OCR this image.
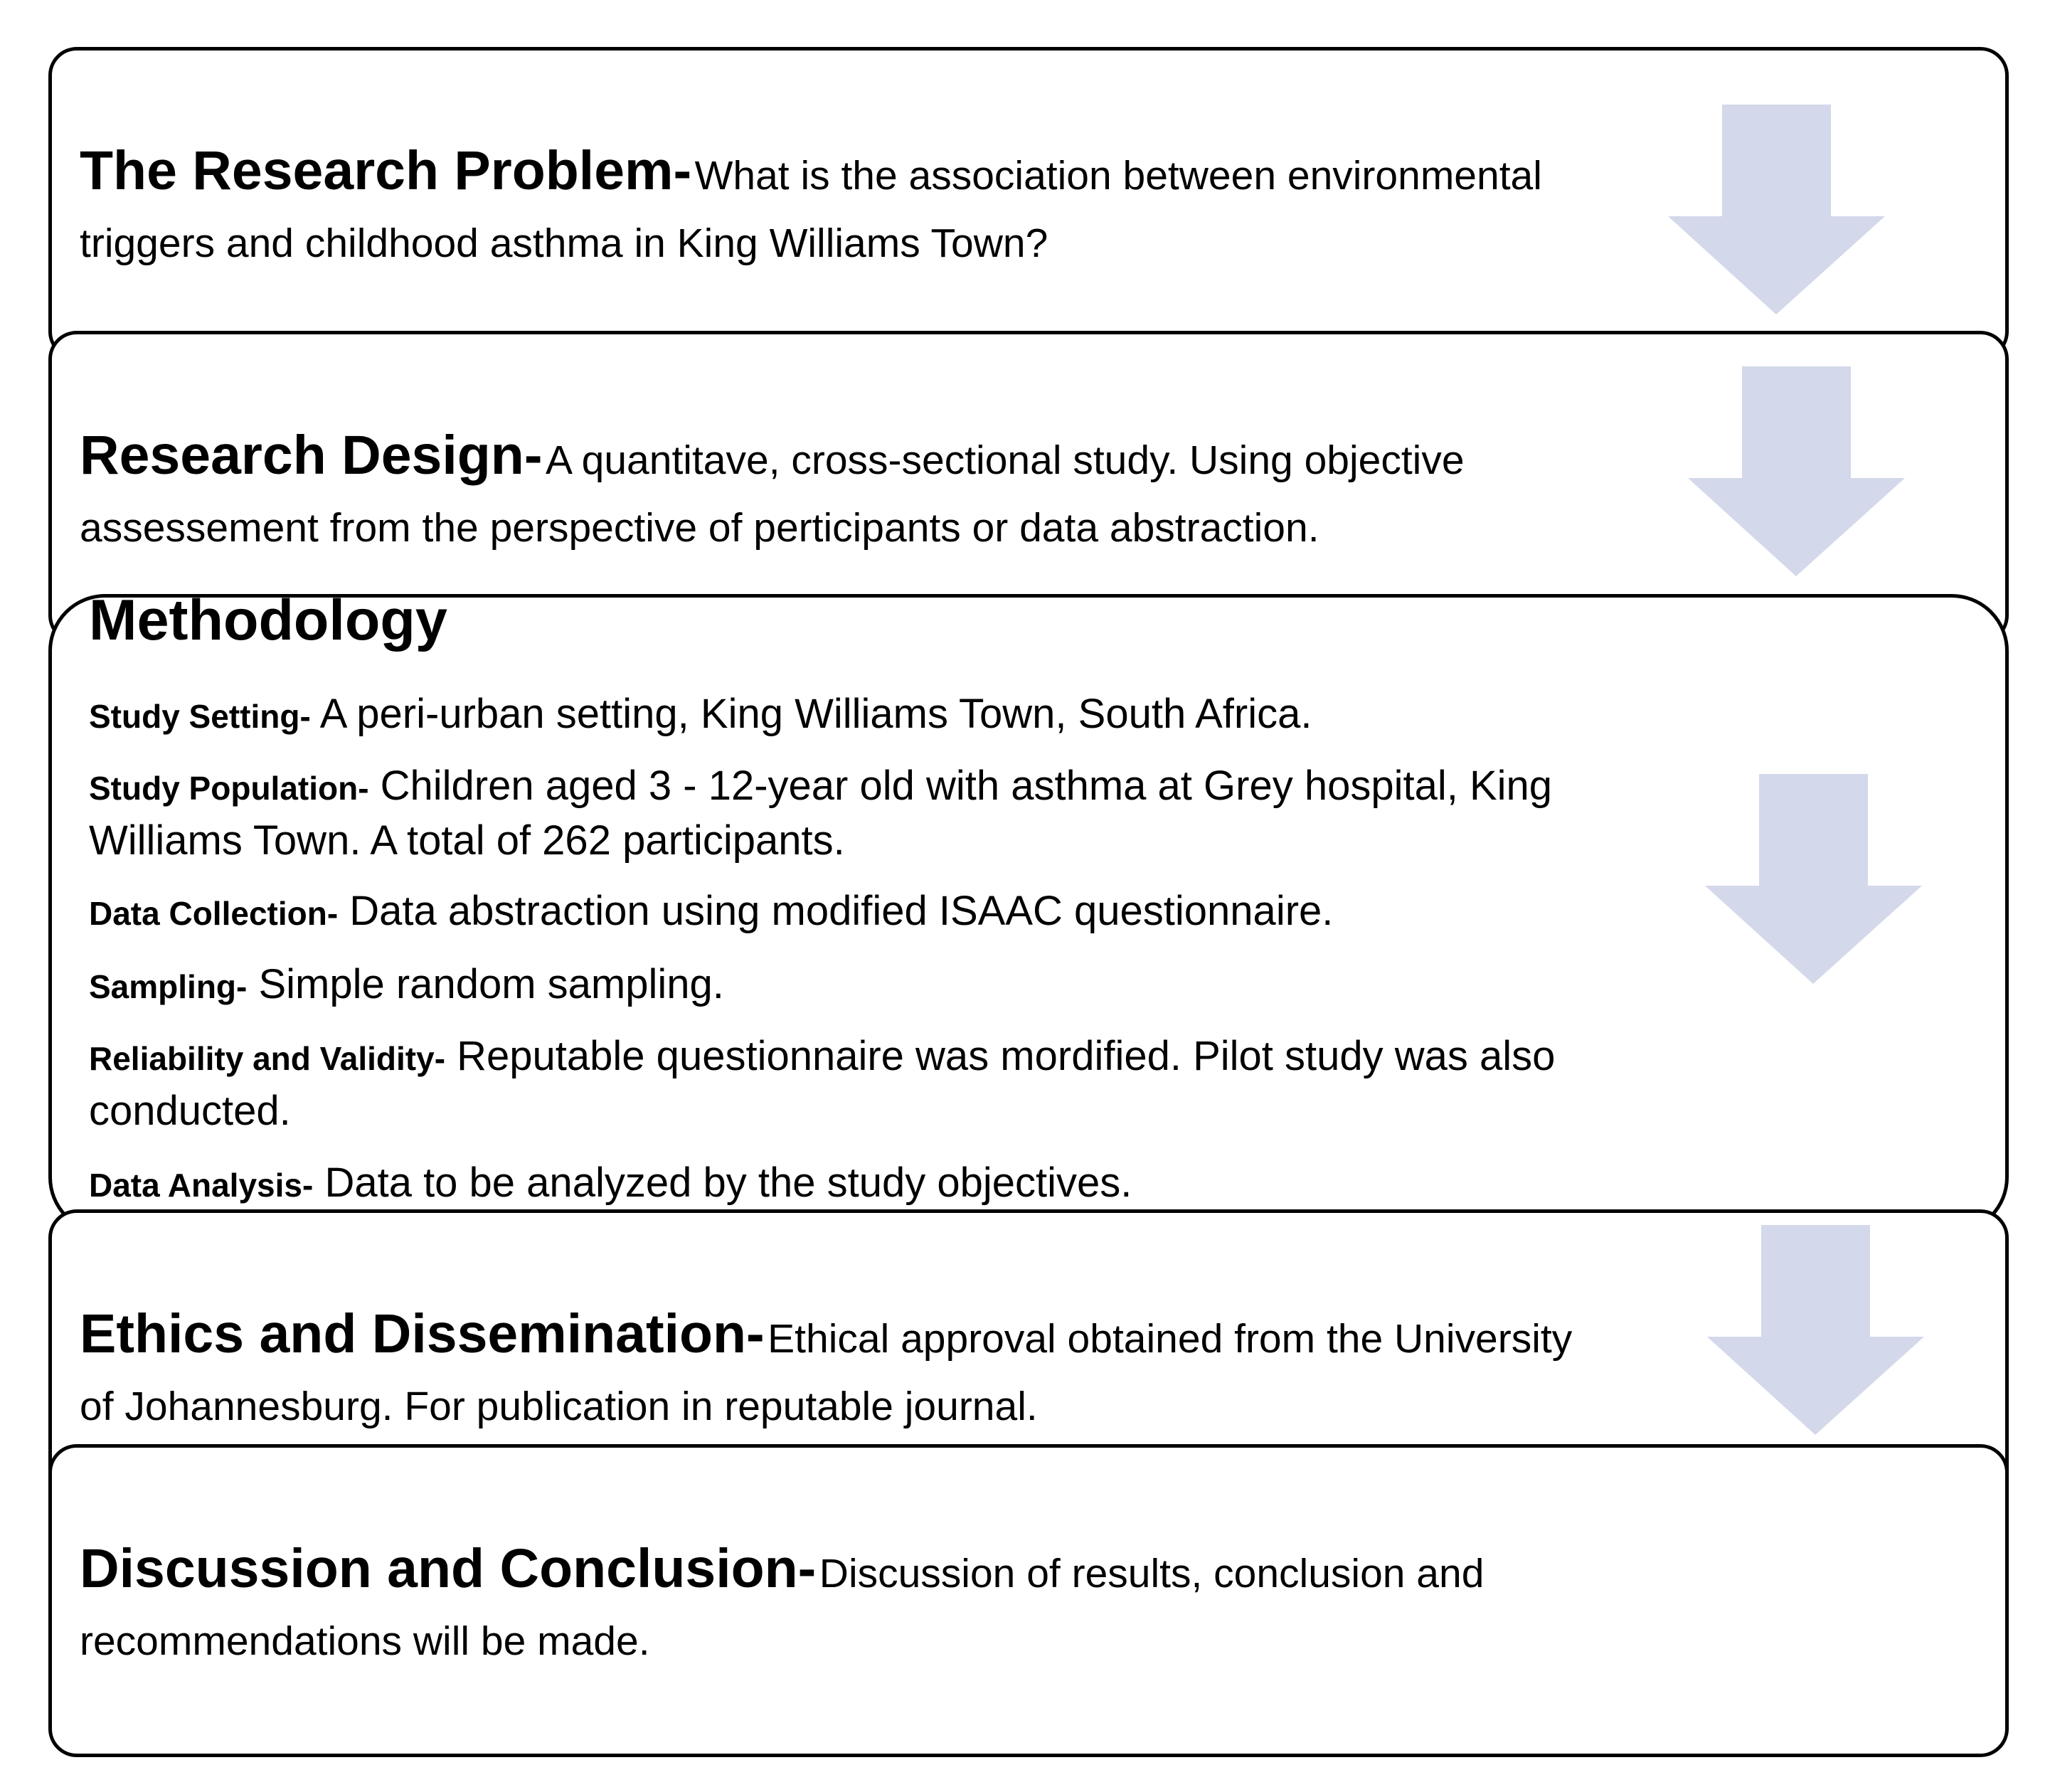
The Research Problem- What is the association between environmental triggers and childhood asthma in King Williams Town?
Research Design- A quantitave, cross-sectional study. Using objective assessement from the perspective of perticipants or data abstraction.
Methodology
Study Setting- A peri-urban setting, King Williams Town, South Africa.
Study Population- Children aged 3 - 12-year old with asthma at Grey hospital, King Williams Town. A total of 262 participants.
Data Collection- Data abstraction using modified ISAAC questionnaire.
Sampling- Simple random sampling.
Reliability and Validity- Reputable questionnaire was mordified. Pilot study was also conducted.
Data Analysis- Data to be analyzed by the study objectives.
Ethics and Dissemination- Ethical approval obtained from the University of Johannesburg. For publication in reputable journal.
Discussion and Conclusion- Discussion of results, conclusion and recommendations will be made.
